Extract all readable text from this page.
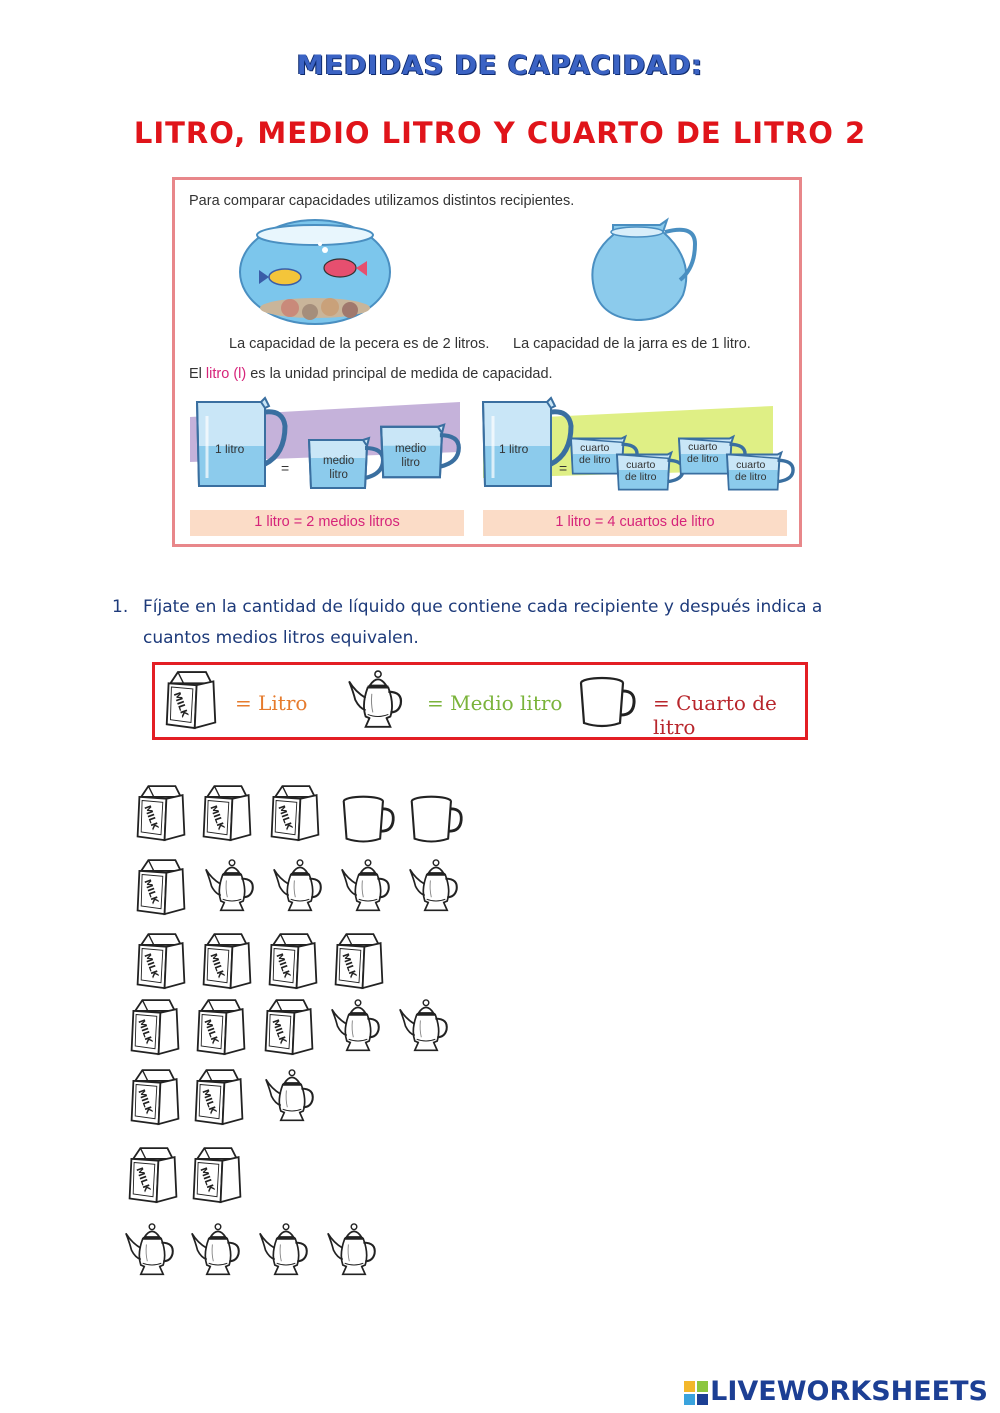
MEDIDAS DE CAPACIDAD:
LITRO, MEDIO LITRO Y CUARTO DE LITRO 2
Para comparar capacidades utilizamos distintos recipientes.
La capacidad de la pecera es de 2 litros. La capacidad de la jarra es de 1 litro.
El litro (l) es la unidad principal de medida de capacidad.
1 litro
=	medio
litro
medio
litro
1 litro
=
cuarto
de litro cuarto
de litro
cuarto
de litro cuarto
de litro
1 litro = 2 medios litros	1 litro = 4 cuartos de litro
1. Fíjate en la cantidad de líquido que contiene cada recipiente y después indica a cuantos medios litros equivalen.
= Litro	= Medio litro	= Cuarto de litro
LIVEWORKSHEETS
